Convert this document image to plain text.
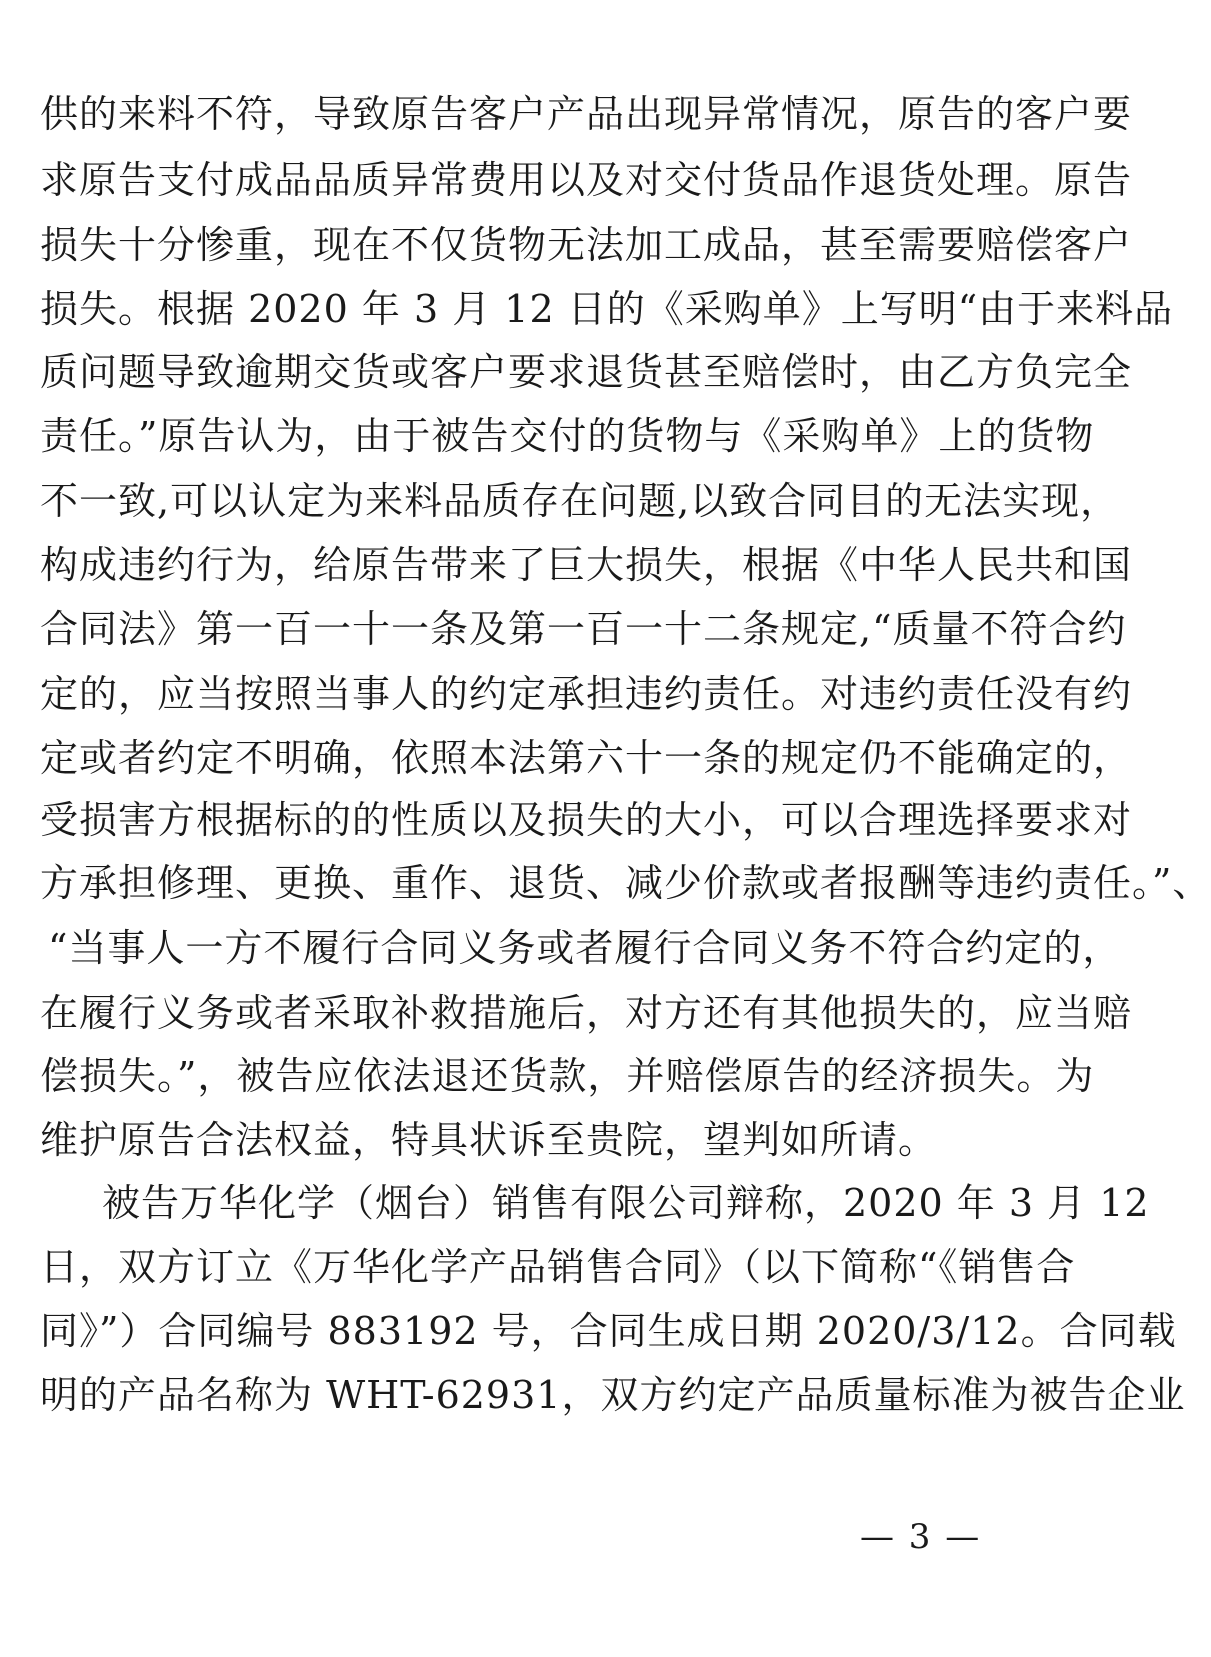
供的来料不符，导致原告客户产品出现异常情况，原告的客户要
求原告支付成品品质异常费用以及对交付货品作退货处理。原告
损失十分惨重，现在不仅货物无法加工成品，甚至需要赔偿客户
损失。根据 2020 年 3 月 12 日的《采购单》上写明“由于来料品
质问题导致逾期交货或客户要求退货甚至赔偿时，由乙方负完全
责任。”原告认为，由于被告交付的货物与《采购单》上的货物
不一致,可以认定为来料品质存在问题,以致合同目的无法实现，
构成违约行为，给原告带来了巨大损失，根据《中华人民共和国
合同法》第一百一十一条及第一百一十二条规定,“质量不符合约
定的，应当按照当事人的约定承担违约责任。对违约责任没有约
定或者约定不明确，依照本法第六十一条的规定仍不能确定的，
受损害方根据标的的性质以及损失的大小，可以合理选择要求对
方承担修理、更换、重作、退货、减少价款或者报酬等违约责任。”、
“当事人一方不履行合同义务或者履行合同义务不符合约定的，
在履行义务或者采取补救措施后，对方还有其他损失的，应当赔
偿损失。”，被告应依法退还货款，并赔偿原告的经济损失。为
维护原告合法权益，特具状诉至贵院，望判如所请。
被告万华化学（烟台）销售有限公司辩称，2020 年 3 月 12
日，双方订立《万华化学产品销售合同》（以下简称“《销售合
同》”）合同编号 883192 号，合同生成日期 2020/3/12。合同载
明的产品名称为 WHT-62931，双方约定产品质量标准为被告企业
— 3 —
